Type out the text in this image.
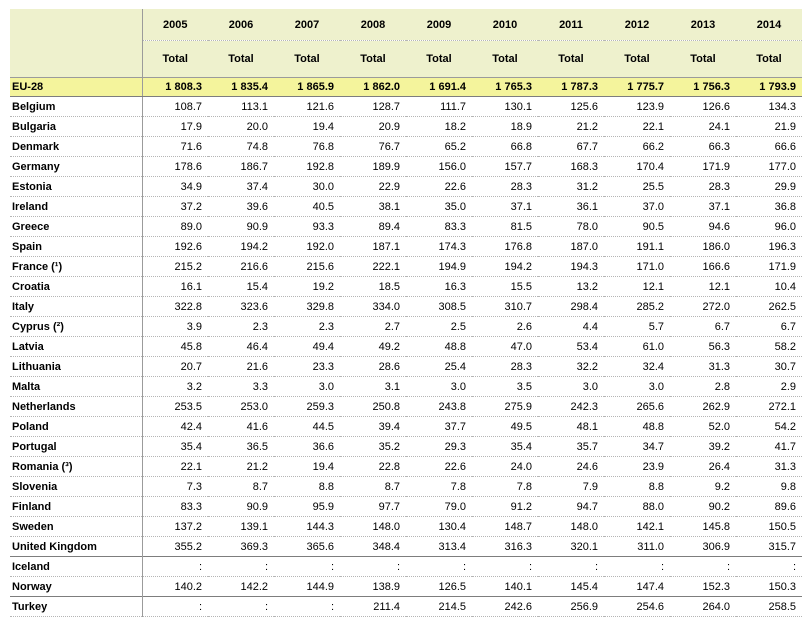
	2005	2006	2007	2008	2009	2010	2011	2012	2013	2014
	Total	Total	Total	Total	Total	Total	Total	Total	Total	Total
EU-28	1 808.3	1 835.4	1 865.9	1 862.0	1 691.4	1 765.3	1 787.3	1 775.7	1 756.3	1 793.9
Belgium	108.7	113.1	121.6	128.7	111.7	130.1	125.6	123.9	126.6	134.3
Bulgaria	17.9	20.0	19.4	20.9	18.2	18.9	21.2	22.1	24.1	21.9
Denmark	71.6	74.8	76.8	76.7	65.2	66.8	67.7	66.2	66.3	66.6
Germany	178.6	186.7	192.8	189.9	156.0	157.7	168.3	170.4	171.9	177.0
Estonia	34.9	37.4	30.0	22.9	22.6	28.3	31.2	25.5	28.3	29.9
Ireland	37.2	39.6	40.5	38.1	35.0	37.1	36.1	37.0	37.1	36.8
Greece	89.0	90.9	93.3	89.4	83.3	81.5	78.0	90.5	94.6	96.0
Spain	192.6	194.2	192.0	187.1	174.3	176.8	187.0	191.1	186.0	196.3
France (¹)	215.2	216.6	215.6	222.1	194.9	194.2	194.3	171.0	166.6	171.9
Croatia	16.1	15.4	19.2	18.5	16.3	15.5	13.2	12.1	12.1	10.4
Italy	322.8	323.6	329.8	334.0	308.5	310.7	298.4	285.2	272.0	262.5
Cyprus (²)	3.9	2.3	2.3	2.7	2.5	2.6	4.4	5.7	6.7	6.7
Latvia	45.8	46.4	49.4	49.2	48.8	47.0	53.4	61.0	56.3	58.2
Lithuania	20.7	21.6	23.3	28.6	25.4	28.3	32.2	32.4	31.3	30.7
Malta	3.2	3.3	3.0	3.1	3.0	3.5	3.0	3.0	2.8	2.9
Netherlands	253.5	253.0	259.3	250.8	243.8	275.9	242.3	265.6	262.9	272.1
Poland	42.4	41.6	44.5	39.4	37.7	49.5	48.1	48.8	52.0	54.2
Portugal	35.4	36.5	36.6	35.2	29.3	35.4	35.7	34.7	39.2	41.7
Romania (³)	22.1	21.2	19.4	22.8	22.6	24.0	24.6	23.9	26.4	31.3
Slovenia	7.3	8.7	8.8	8.7	7.8	7.8	7.9	8.8	9.2	9.8
Finland	83.3	90.9	95.9	97.7	79.0	91.2	94.7	88.0	90.2	89.6
Sweden	137.2	139.1	144.3	148.0	130.4	148.7	148.0	142.1	145.8	150.5
United Kingdom	355.2	369.3	365.6	348.4	313.4	316.3	320.1	311.0	306.9	315.7
Iceland	:	:	:	:	:	:	:	:	:	:
Norway	140.2	142.2	144.9	138.9	126.5	140.1	145.4	147.4	152.3	150.3
Turkey	:	:	:	211.4	214.5	242.6	256.9	254.6	264.0	258.5
